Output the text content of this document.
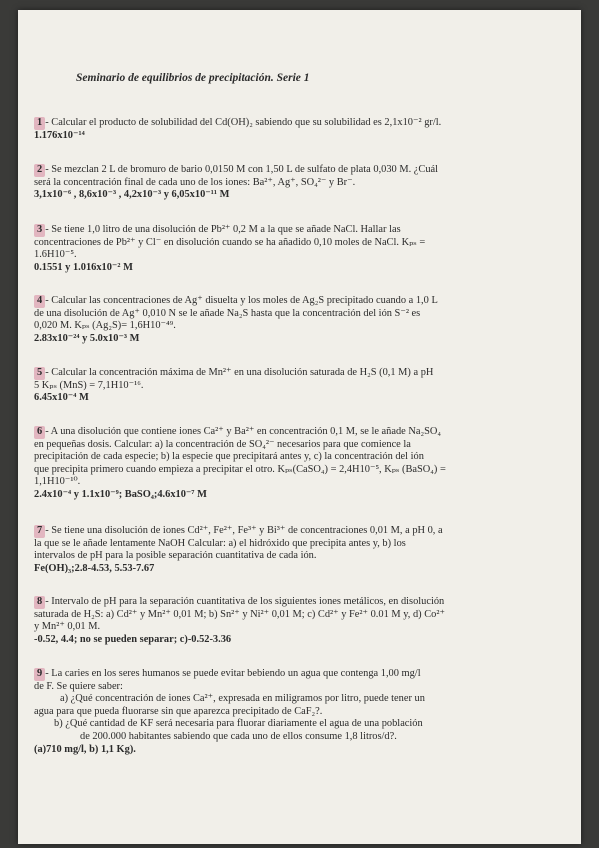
Seminario de equilibrios de precipitación. Serie 1
1 - Calcular el producto de solubilidad del Cd(OH)₂ sabiendo que su solubilidad es 2,1x10⁻² gr/l.
1.176x10⁻¹⁴
2 - Se mezclan 2 L de bromuro de bario 0,0150 M con 1,50 L de sulfato de plata 0,030 M. ¿Cuál
será la concentración final de cada uno de los iones: Ba²⁺, Ag⁺, SO₄²⁻ y Br⁻.
3,1x10⁻⁶ , 8,6x10⁻³ , 4,2x10⁻³ y 6,05x10⁻¹¹ M
3 - Se tiene 1,0 litro de una disolución de Pb²⁺ 0,2 M a la que se añade NaCl. Hallar las
concentraciones de Pb²⁺ y Cl⁻ en disolución cuando se ha añadido 0,10 moles de NaCl. Kₚₛ =
1.6H10⁻⁵.
0.1551 y 1.016x10⁻² M
4 - Calcular las concentraciones de Ag⁺ disuelta y los moles de Ag₂S precipitado cuando a 1,0 L
de una disolución de Ag⁺ 0,010 N se le añade Na₂S hasta que la concentración del ión S⁻² es
0,020 M. Kₚₛ (Ag₂S)= 1,6H10⁻⁴⁹.
2.83x10⁻²⁴ y 5.0x10⁻³ M
5 - Calcular la concentración máxima de Mn²⁺ en una disolución saturada de H₂S (0,1 M) a pH
5 Kₚₛ (MnS) = 7,1H10⁻¹⁶.
6.45x10⁻⁴ M
6 - A una disolución que contiene iones Ca²⁺ y Ba²⁺ en concentración 0,1 M, se le añade Na₂SO₄
en pequeñas dosis. Calcular: a) la concentración de SO₄²⁻ necesarios para que comience la
precipitación de cada especie; b) la especie que precipitará antes y, c) la concentración del ión
que precipita primero cuando empieza a precipitar el otro. Kₚₛ(CaSO₄) = 2,4H10⁻⁵, Kₚₛ (BaSO₄) =
1,1H10⁻¹⁰.
2.4x10⁻⁴ y 1.1x10⁻⁹; BaSO₄;4.6x10⁻⁷ M
7 - Se tiene una disolución de iones Cd²⁺, Fe²⁺, Fe³⁺ y Bi³⁺ de concentraciones 0,01 M, a pH 0, a
la que se le añade lentamente NaOH Calcular: a) el hidróxido que precipita antes y, b) los
intervalos de pH para la posible separación cuantitativa de cada ión.
Fe(OH)₃;2.8-4.53, 5.53-7.67
8 - Intervalo de pH para la separación cuantitativa de los siguientes iones metálicos, en disolución
saturada de H₂S: a) Cd²⁺ y Mn²⁺ 0,01 M; b) Sn²⁺ y Ni²⁺ 0,01 M; c) Cd²⁺ y Fe²⁺ 0.01 M y, d) Co²⁺
y Mn²⁺ 0,01 M.
-0.52, 4.4; no se pueden separar; c)-0.52-3.36
9 - La caries en los seres humanos se puede evitar bebiendo un agua que contenga 1,00 mg/l
de F. Se quiere saber:
a) ¿Qué concentración de iones Ca²⁺, expresada en miligramos por litro, puede tener un
agua para que pueda fluorarse sin que aparezca precipitado de CaF₂?.
b) ¿Qué cantidad de KF será necesaria para fluorar diariamente el agua de una población
de 200.000 habitantes sabiendo que cada uno de ellos consume 1,8 litros/d?.
(a)710 mg/l, b) 1,1 Kg).
